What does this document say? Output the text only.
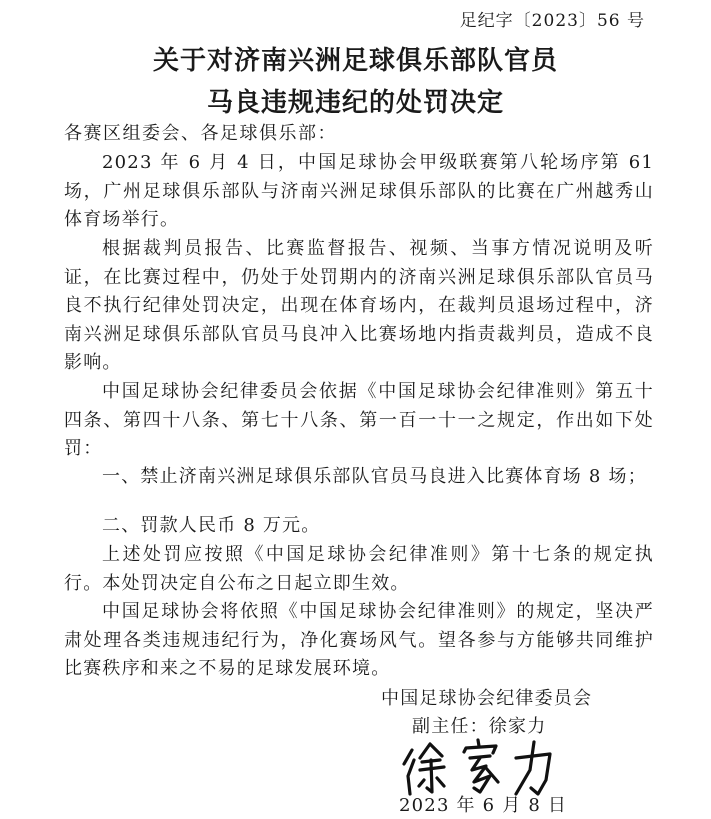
足纪字〔2023〕56 号
关于对济南兴洲足球俱乐部队官员
马良违规违纪的处罚决定
各赛区组委会、各足球俱乐部：
2023 年 6 月 4 日，中国足球协会甲级联赛第八轮场序第 61 场，广州足球俱乐部队与济南兴洲足球俱乐部队的比赛在广州越秀山体育场举行。
根据裁判员报告、比赛监督报告、视频、当事方情况说明及听证，在比赛过程中，仍处于处罚期内的济南兴洲足球俱乐部队官员马良不执行纪律处罚决定，出现在体育场内，在裁判员退场过程中，济南兴洲足球俱乐部队官员马良冲入比赛场地内指责裁判员，造成不良影响。
中国足球协会纪律委员会依据《中国足球协会纪律准则》第五十四条、第四十八条、第七十八条、第一百一十一之规定，作出如下处罚：
一、禁止济南兴洲足球俱乐部队官员马良进入比赛体育场 8 场；
二、罚款人民币 8 万元。
上述处罚应按照《中国足球协会纪律准则》第十七条的规定执行。本处罚决定自公布之日起立即生效。
中国足球协会将依照《中国足球协会纪律准则》的规定，坚决严肃处理各类违规违纪行为，净化赛场风气。望各参与方能够共同维护比赛秩序和来之不易的足球发展环境。
中国足球协会纪律委员会
副主任：徐家力
2023 年 6 月 8 日
